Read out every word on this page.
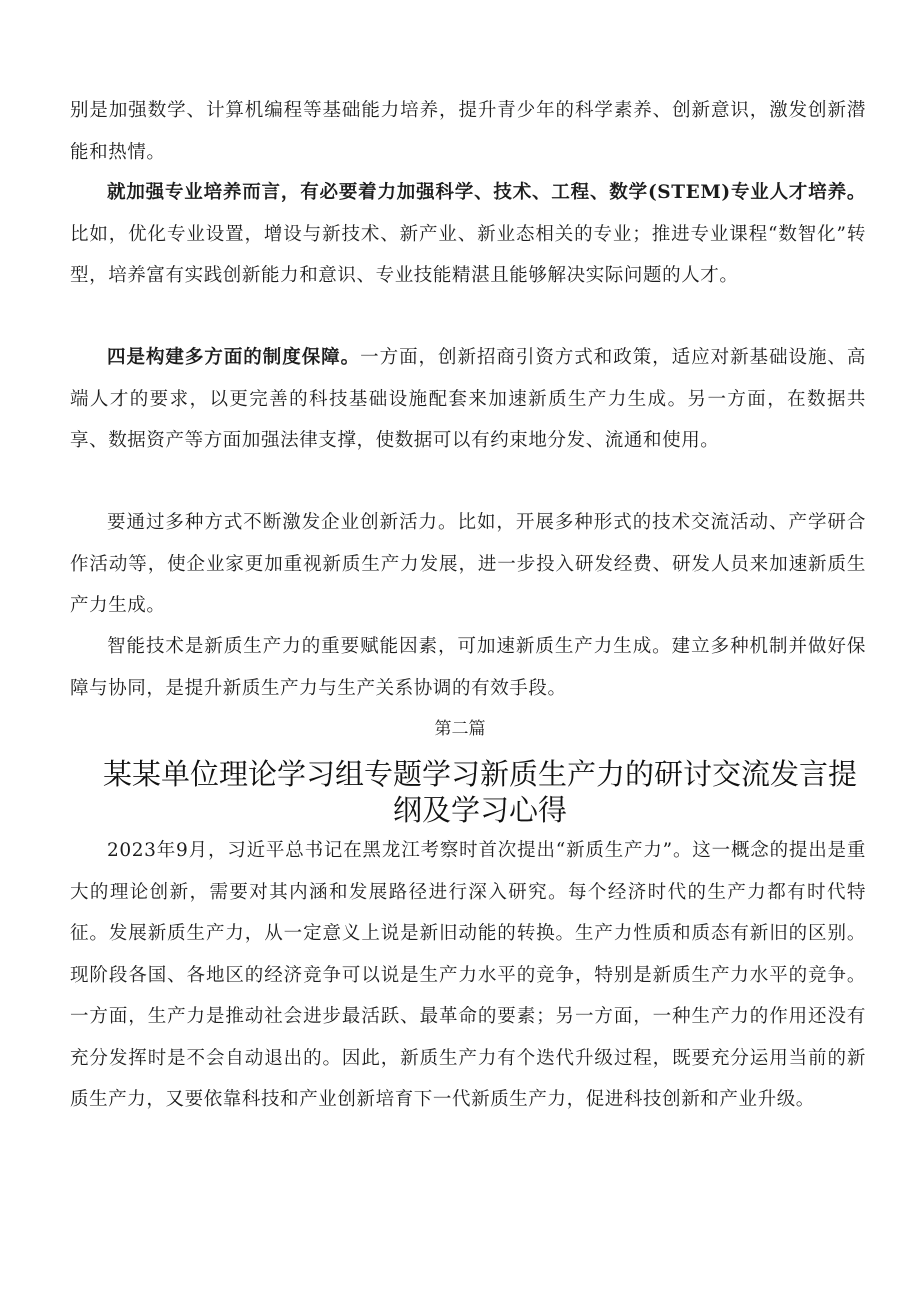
别是加强数学、计算机编程等基础能力培养，提升青少年的科学素养、创新意识，激发创新潜能和热情。

就加强专业培养而言，有必要着力加强科学、技术、工程、数学(STEM)专业人才培养。比如，优化专业设置，增设与新技术、新产业、新业态相关的专业；推进专业课程“数智化”转型，培养富有实践创新能力和意识、专业技能精湛且能够解决实际问题的人才。

四是构建多方面的制度保障。一方面，创新招商引资方式和政策，适应对新基础设施、高端人才的要求，以更完善的科技基础设施配套来加速新质生产力生成。另一方面，在数据共享、数据资产等方面加强法律支撑，使数据可以有约束地分发、流通和使用。

要通过多种方式不断激发企业创新活力。比如，开展多种形式的技术交流活动、产学研合作活动等，使企业家更加重视新质生产力发展，进一步投入研发经费、研发人员来加速新质生产力生成。

智能技术是新质生产力的重要赋能因素，可加速新质生产力生成。建立多种机制并做好保障与协同，是提升新质生产力与生产关系协调的有效手段。

第二篇
某某单位理论学习组专题学习新质生产力的研讨交流发言提纲及学习心得

2023年9月，习近平总书记在黑龙江考察时首次提出“新质生产力”。这一概念的提出是重大的理论创新，需要对其内涵和发展路径进行深入研究。每个经济时代的生产力都有时代特征。发展新质生产力，从一定意义上说是新旧动能的转换。生产力性质和质态有新旧的区别。现阶段各国、各地区的经济竞争可以说是生产力水平的竞争，特别是新质生产力水平的竞争。一方面，生产力是推动社会进步最活跃、最革命的要素；另一方面，一种生产力的作用还没有充分发挥时是不会自动退出的。因此，新质生产力有个迭代升级过程，既要充分运用当前的新质生产力，又要依靠科技和产业创新培育下一代新质生产力，促进科技创新和产业升级。
